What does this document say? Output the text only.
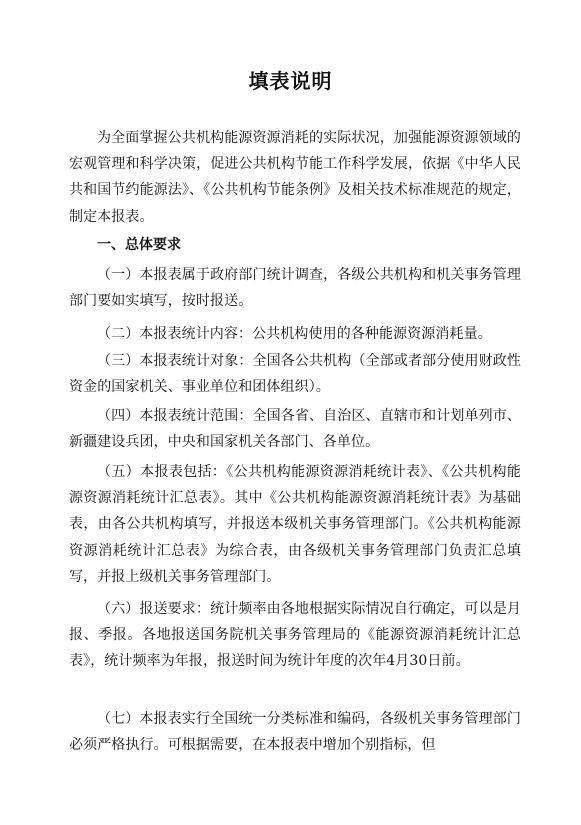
填表说明

为全面掌握公共机构能源资源消耗的实际状况，加强能源资源领域的宏观管理和科学决策，促进公共机构节能工作科学发展，依据《中华人民共和国节约能源法》、《公共机构节能条例》及相关技术标准规范的规定，制定本报表。

一、总体要求

（一）本报表属于政府部门统计调查，各级公共机构和机关事务管理部门要如实填写，按时报送。

（二）本报表统计内容：公共机构使用的各种能源资源消耗量。

（三）本报表统计对象：全国各公共机构（全部或者部分使用财政性资金的国家机关、事业单位和团体组织）。

（四）本报表统计范围：全国各省、自治区、直辖市和计划单列市、新疆建设兵团，中央和国家机关各部门、各单位。

（五）本报表包括：《公共机构能源资源消耗统计表》、《公共机构能源资源消耗统计汇总表》。其中《公共机构能源资源消耗统计表》为基础表，由各公共机构填写，并报送本级机关事务管理部门。《公共机构能源资源消耗统计汇总表》为综合表，由各级机关事务管理部门负责汇总填写，并报上级机关事务管理部门。

（六）报送要求：统计频率由各地根据实际情况自行确定，可以是月报、季报。各地报送国务院机关事务管理局的《能源资源消耗统计汇总表》，统计频率为年报，报送时间为统计年度的次年4月30日前。

（七）本报表实行全国统一分类标准和编码，各级机关事务管理部门必须严格执行。可根据需要，在本报表中增加个别指标，但
